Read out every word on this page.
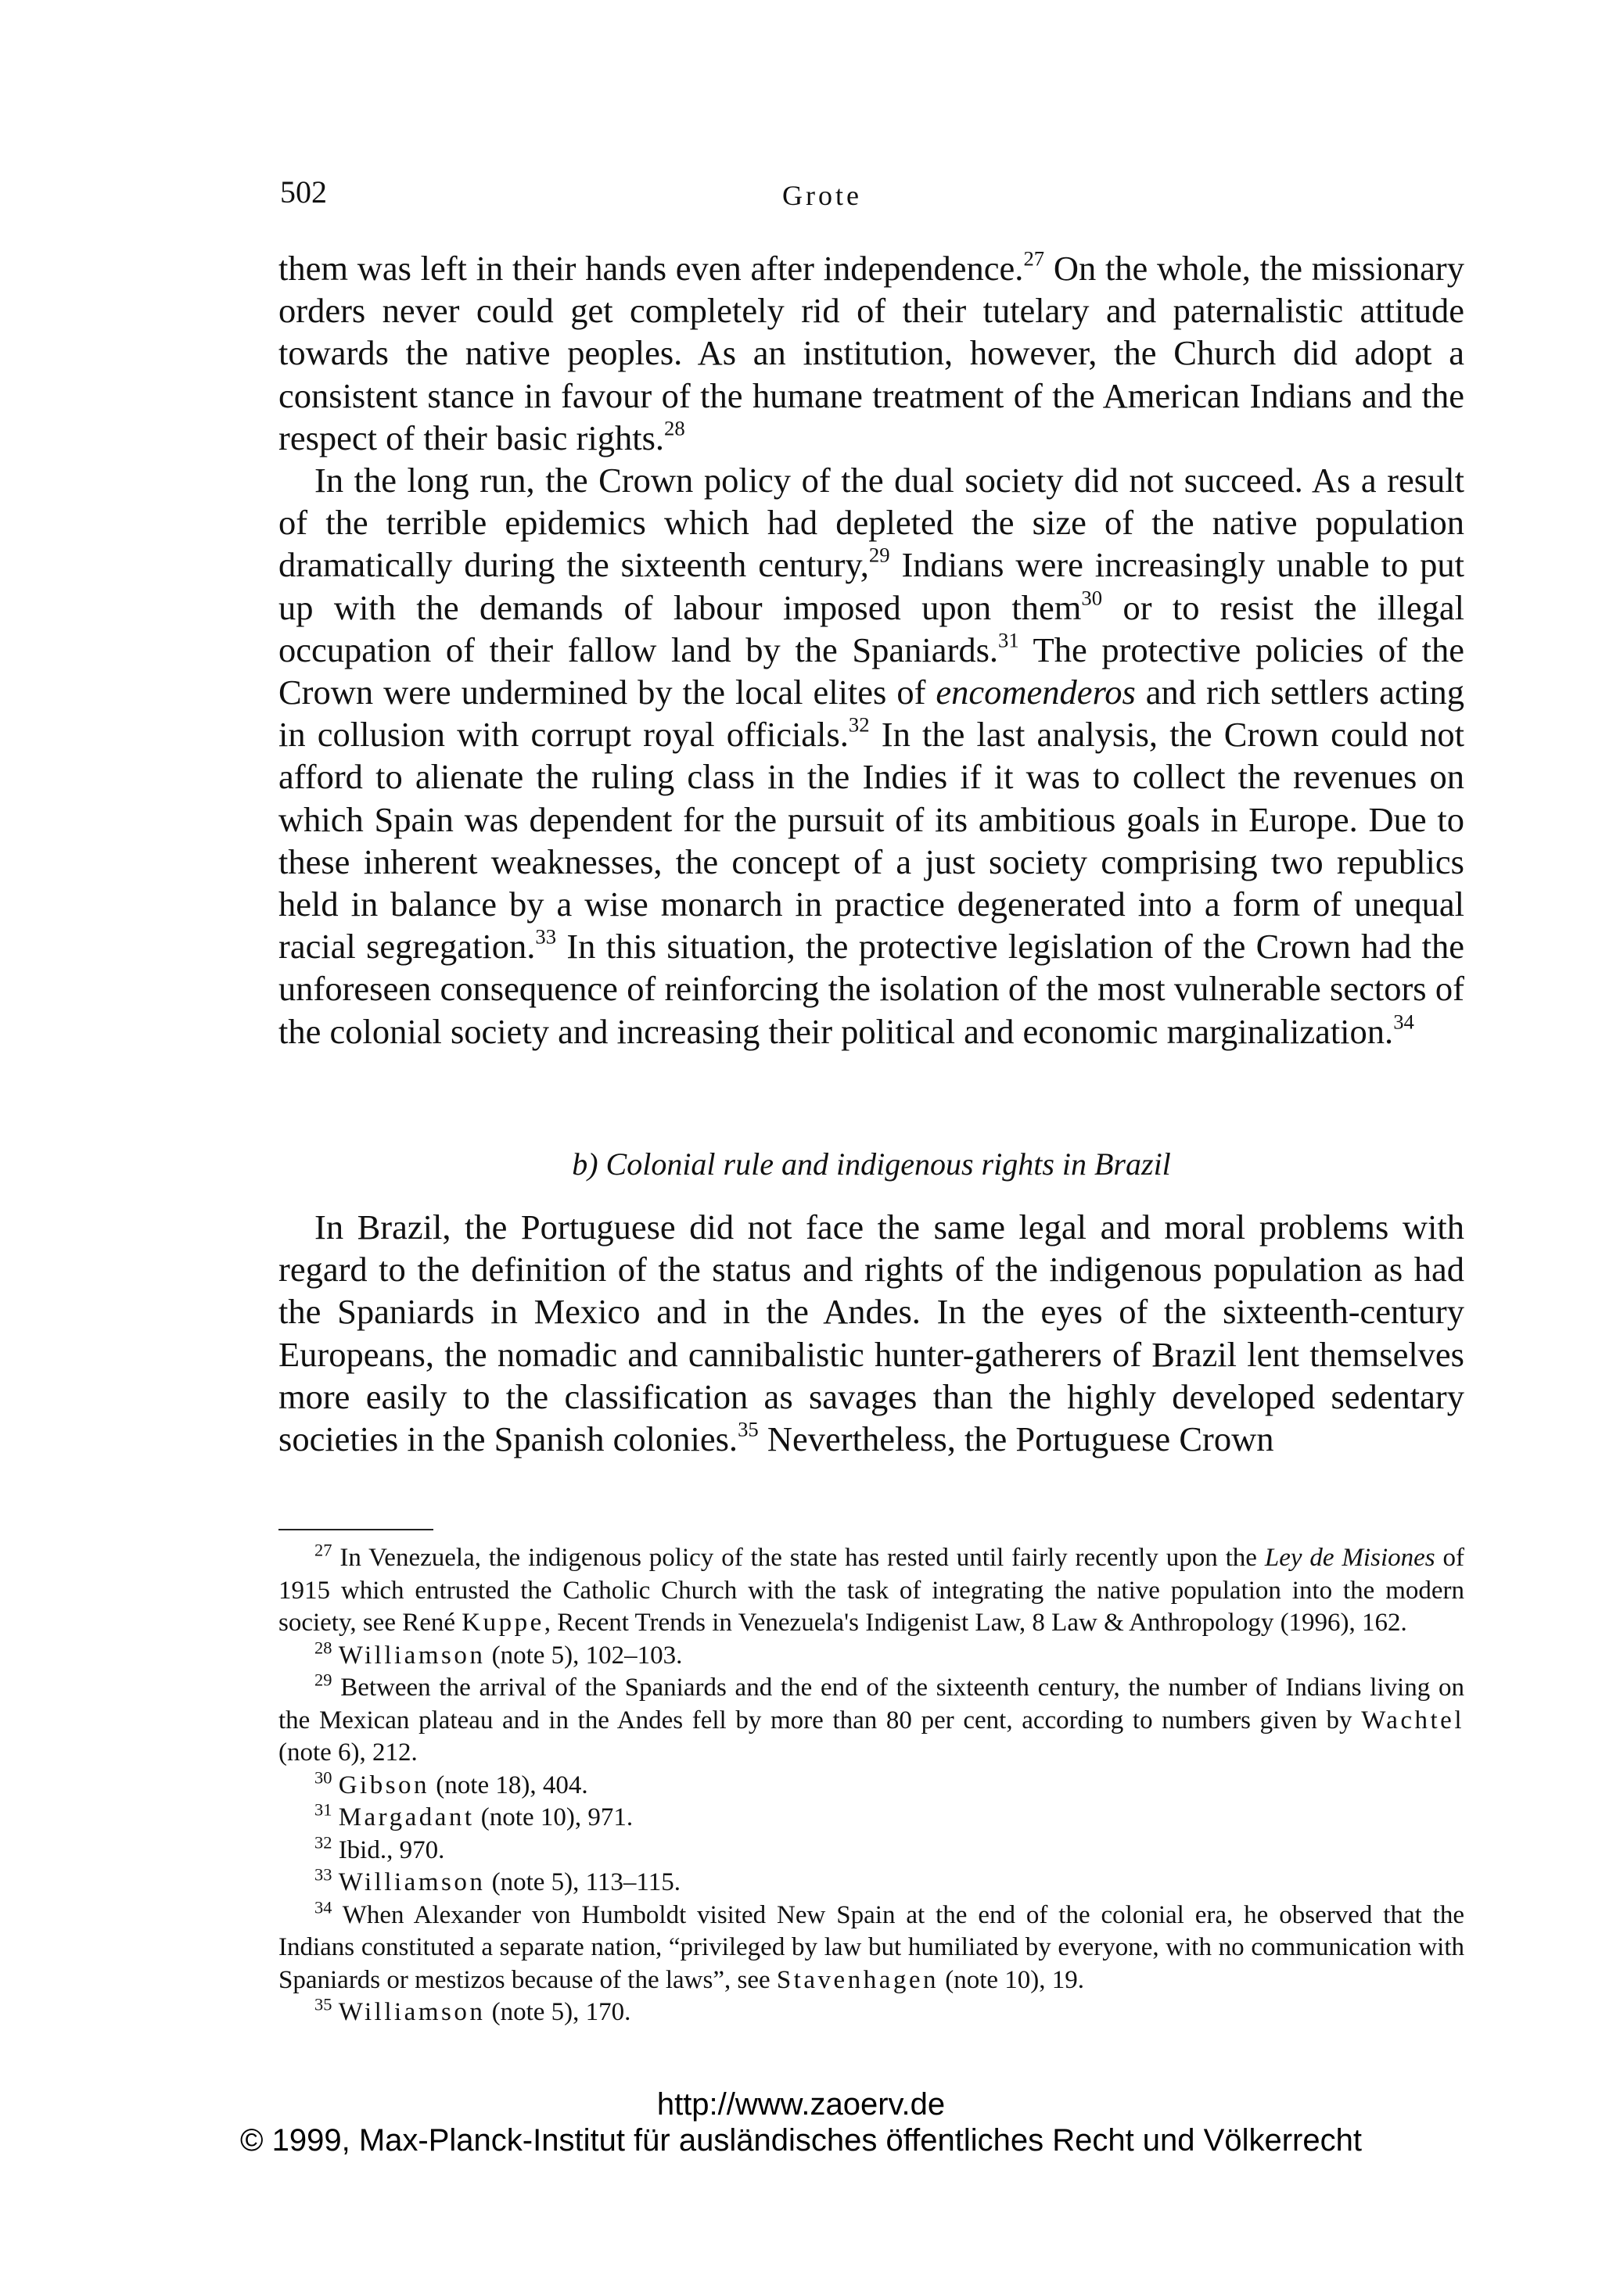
502	Grote

them was left in their hands even after independence.$^{27}$ On the whole, the missionary orders never could get completely rid of their tutelary and paternalistic attitude towards the native peoples. As an institution, however, the Church did adopt a consistent stance in favour of the humane treatment of the American Indians and the respect of their basic rights.$^{28}$

In the long run, the Crown policy of the dual society did not succeed. As a result of the terrible epidemics which had depleted the size of the native population dramatically during the sixteenth century,$^{29}$ Indians were increasingly unable to put up with the demands of labour imposed upon them$^{30}$ or to resist the illegal occupation of their fallow land by the Spaniards.$^{31}$ The protective policies of the Crown were undermined by the local elites of encomenderos and rich settlers acting in collusion with corrupt royal officials.$^{32}$ In the last analysis, the Crown could not afford to alienate the ruling class in the Indies if it was to collect the revenues on which Spain was dependent for the pursuit of its ambitious goals in Europe. Due to these inherent weaknesses, the concept of a just society comprising two republics held in balance by a wise monarch in practice degenerated into a form of unequal racial segregation.$^{33}$ In this situation, the protective legislation of the Crown had the unforeseen consequence of reinforcing the isolation of the most vulnerable sectors of the colonial society and increasing their political and economic marginalization.$^{34}$

b) Colonial rule and indigenous rights in Brazil

In Brazil, the Portuguese did not face the same legal and moral problems with regard to the definition of the status and rights of the indigenous population as had the Spaniards in Mexico and in the Andes. In the eyes of the sixteenth-century Europeans, the nomadic and cannibalistic hunter-gatherers of Brazil lent themselves more easily to the classification as savages than the highly developed sedentary societies in the Spanish colonies.$^{35}$ Nevertheless, the Portuguese Crown

$^{27}$ In Venezuela, the indigenous policy of the state has rested until fairly recently upon the Ley de Misiones of 1915 which entrusted the Catholic Church with the task of integrating the native population into the modern society, see René Kuppe, Recent Trends in Venezuela's Indigenist Law, 8 Law & Anthropology (1996), 162.

$^{28}$ Williamson (note 5), 102–103.

$^{29}$ Between the arrival of the Spaniards and the end of the sixteenth century, the number of Indians living on the Mexican plateau and in the Andes fell by more than 80 per cent, according to numbers given by Wachtel (note 6), 212.

$^{30}$ Gibson (note 18), 404.

$^{31}$ Margadant (note 10), 971.

$^{32}$ Ibid., 970.

$^{33}$ Williamson (note 5), 113–115.

$^{34}$ When Alexander von Humboldt visited New Spain at the end of the colonial era, he observed that the Indians constituted a separate nation, “privileged by law but humiliated by everyone, with no communication with Spaniards or mestizos because of the laws”, see Stavenhagen (note 10), 19.

$^{35}$ Williamson (note 5), 170.

http://www.zaoerv.de
© 1999, Max-Planck-Institut für ausländisches öffentliches Recht und Völkerrecht
